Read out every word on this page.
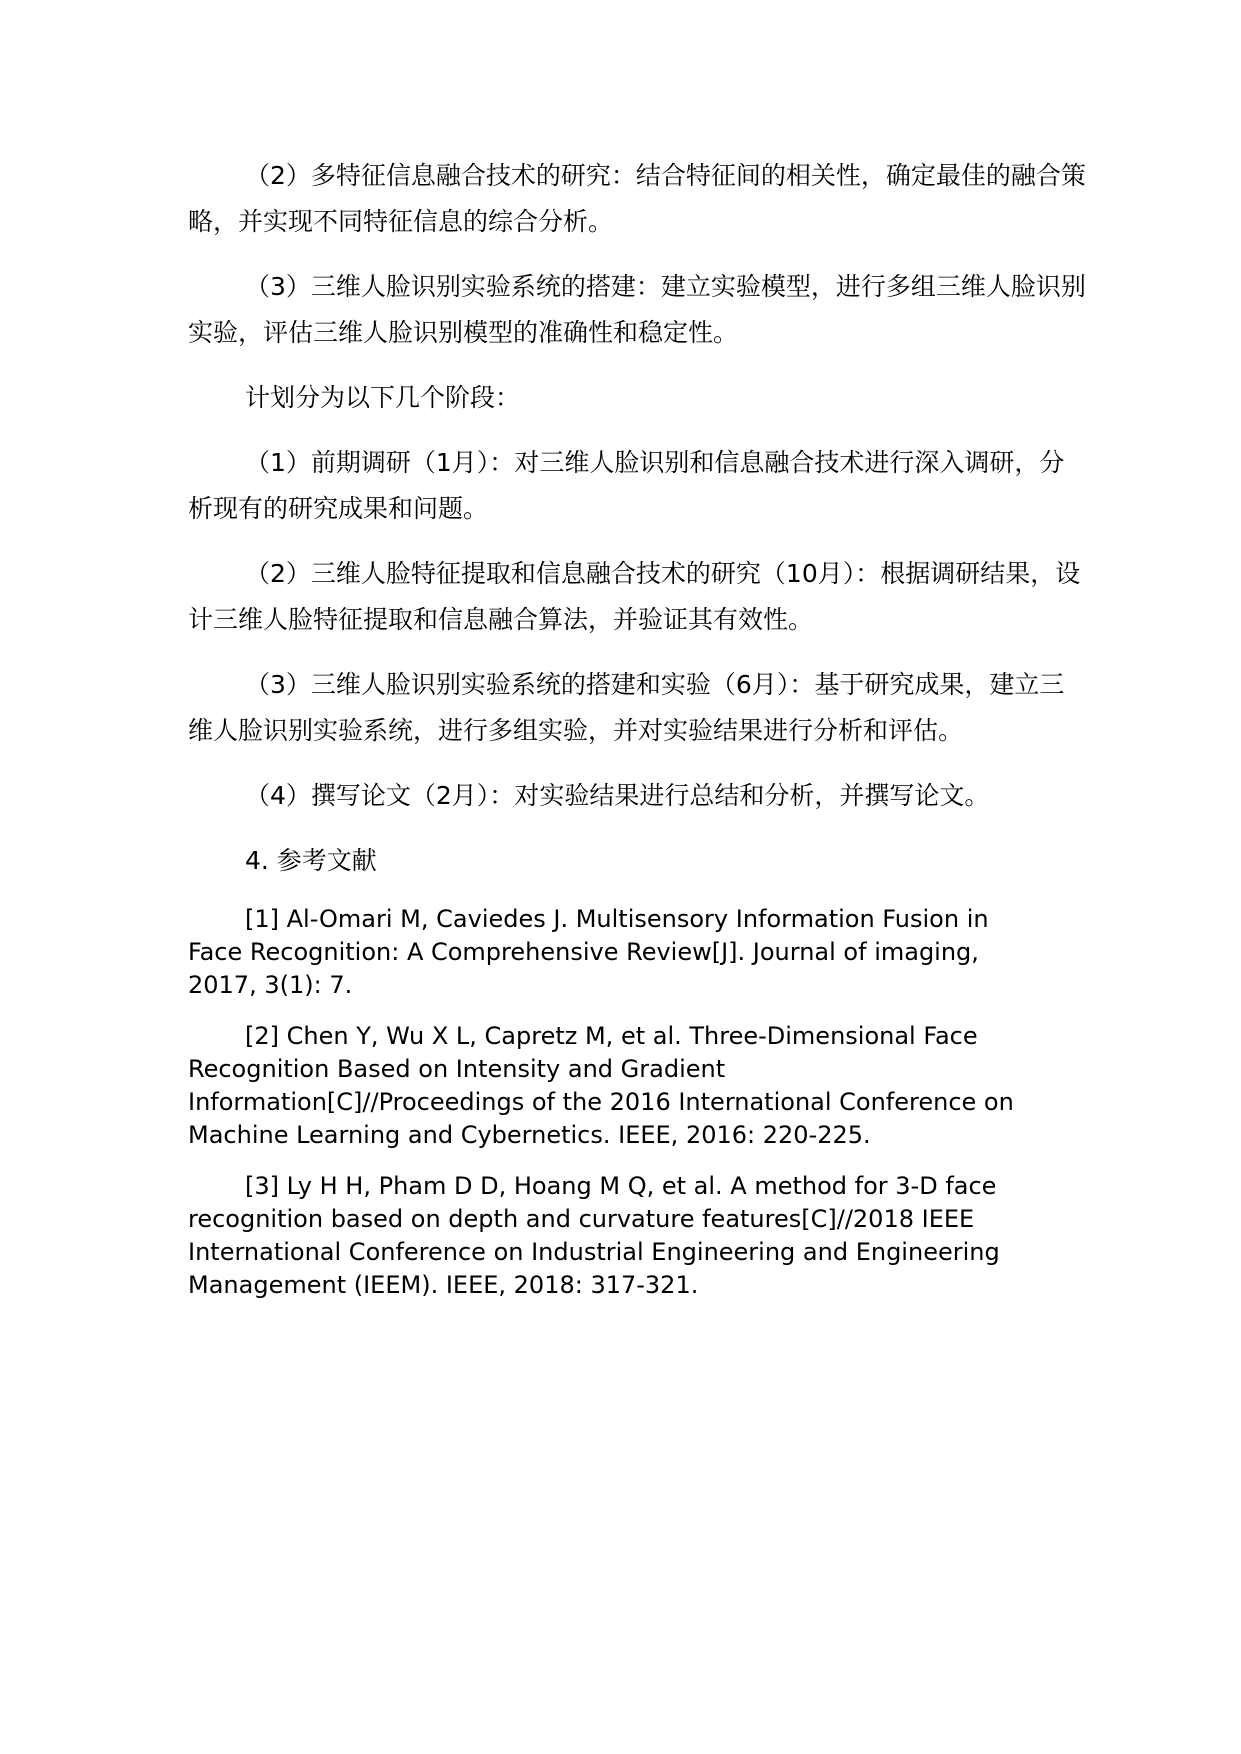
（2）多特征信息融合技术的研究：结合特征间的相关性，确定最佳的融合策略，并实现不同特征信息的综合分析。

（3）三维人脸识别实验系统的搭建：建立实验模型，进行多组三维人脸识别实验，评估三维人脸识别模型的准确性和稳定性。

计划分为以下几个阶段：

（1）前期调研（1月）：对三维人脸识别和信息融合技术进行深入调研，分析现有的研究成果和问题。

（2）三维人脸特征提取和信息融合技术的研究（10月）：根据调研结果，设计三维人脸特征提取和信息融合算法，并验证其有效性。

（3）三维人脸识别实验系统的搭建和实验（6月）：基于研究成果，建立三维人脸识别实验系统，进行多组实验，并对实验结果进行分析和评估。

（4）撰写论文（2月）：对实验结果进行总结和分析，并撰写论文。

4. 参考文献

[1] Al-Omari M, Caviedes J. Multisensory Information Fusion in Face Recognition: A Comprehensive Review[J]. Journal of imaging, 2017, 3(1): 7.

[2] Chen Y, Wu X L, Capretz M, et al. Three-Dimensional Face Recognition Based on Intensity and Gradient Information[C]//Proceedings of the 2016 International Conference on Machine Learning and Cybernetics. IEEE, 2016: 220-225.

[3] Ly H H, Pham D D, Hoang M Q, et al. A method for 3-D face recognition based on depth and curvature features[C]//2018 IEEE International Conference on Industrial Engineering and Engineering Management (IEEM). IEEE, 2018: 317-321.
